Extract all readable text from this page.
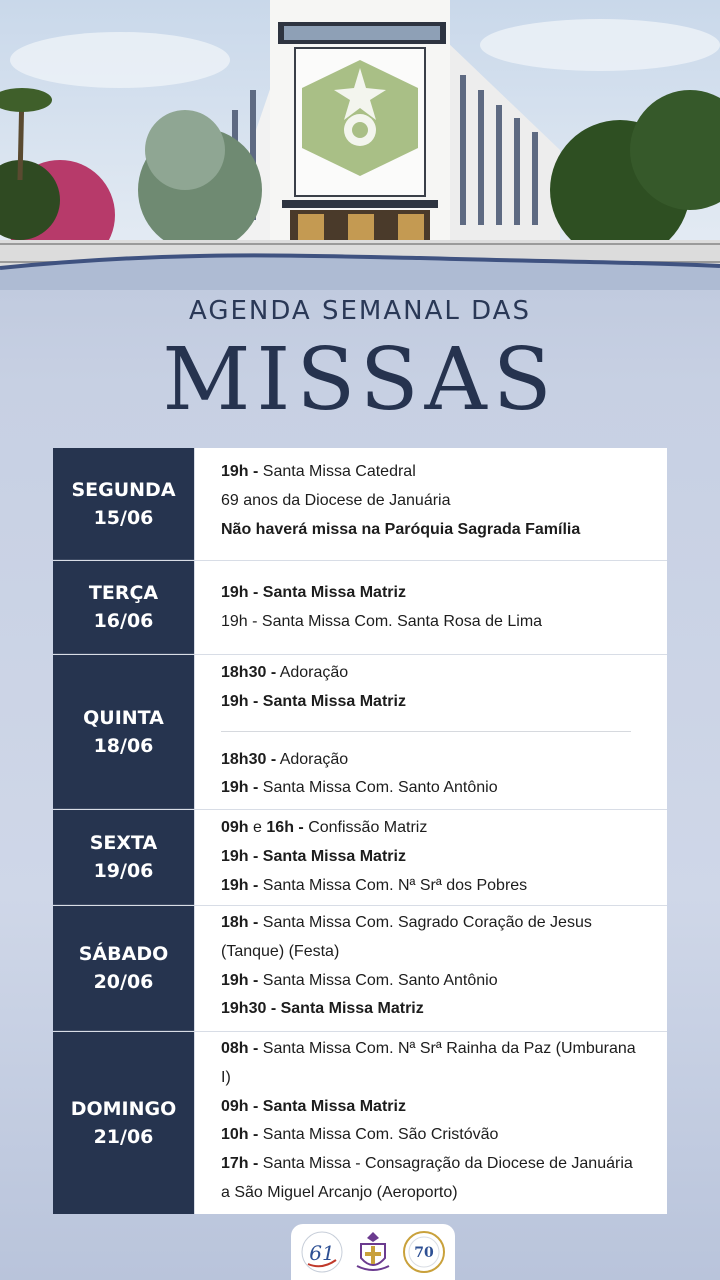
AGENDA SEMANAL DAS
MISSAS
SEGUNDA
15/06
19h - Santa Missa Catedral
69 anos da Diocese de Januária
Não haverá missa na Paróquia Sagrada Família
TERÇA
16/06
19h - Santa Missa Matriz
19h - Santa Missa Com. Santa Rosa de Lima
QUINTA
18/06
18h30 - Adoração
19h - Santa Missa Matriz
18h30 - Adoração
19h - Santa Missa Com. Santo Antônio
SEXTA
19/06
09h e 16h - Confissão Matriz
19h - Santa Missa Matriz
19h - Santa Missa Com. Nª Srª dos Pobres
SÁBADO
20/06
18h - Santa Missa Com. Sagrado Coração de Jesus (Tanque) (Festa)
19h - Santa Missa Com. Santo Antônio
19h30 - Santa Missa Matriz
DOMINGO
21/06
08h - Santa Missa Com. Nª Srª Rainha da Paz (Umburana I)
09h - Santa Missa Matriz
10h - Santa Missa Com. São Cristóvão
17h - Santa Missa - Consagração da Diocese de Januária a São Miguel Arcanjo (Aeroporto)
61	70
